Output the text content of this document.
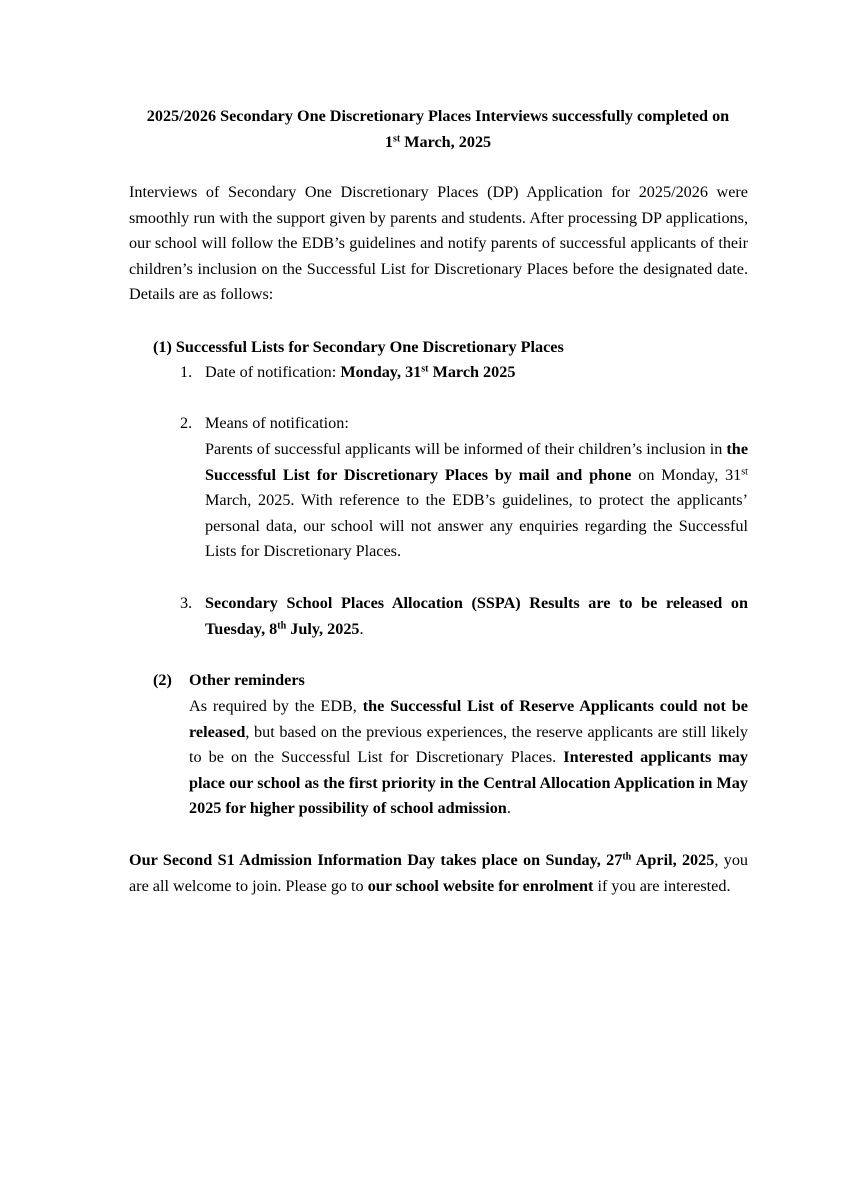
2025/2026 Secondary One Discretionary Places Interviews successfully completed on
1st March, 2025
Interviews of Secondary One Discretionary Places (DP) Application for 2025/2026 were smoothly run with the support given by parents and students. After processing DP applications, our school will follow the EDB’s guidelines and notify parents of successful applicants of their children’s inclusion on the Successful List for Discretionary Places before the designated date. Details are as follows:
(1) Successful Lists for Secondary One Discretionary Places
1. Date of notification: Monday, 31st March 2025
2. Means of notification:
Parents of successful applicants will be informed of their children’s inclusion in the Successful List for Discretionary Places by mail and phone on Monday, 31st March, 2025. With reference to the EDB’s guidelines, to protect the applicants’ personal data, our school will not answer any enquiries regarding the Successful Lists for Discretionary Places.
3. Secondary School Places Allocation (SSPA) Results are to be released on Tuesday, 8th July, 2025.
(2) Other reminders
As required by the EDB, the Successful List of Reserve Applicants could not be released, but based on the previous experiences, the reserve applicants are still likely to be on the Successful List for Discretionary Places. Interested applicants may place our school as the first priority in the Central Allocation Application in May 2025 for higher possibility of school admission.
Our Second S1 Admission Information Day takes place on Sunday, 27th April, 2025, you are all welcome to join. Please go to our school website for enrolment if you are interested.
